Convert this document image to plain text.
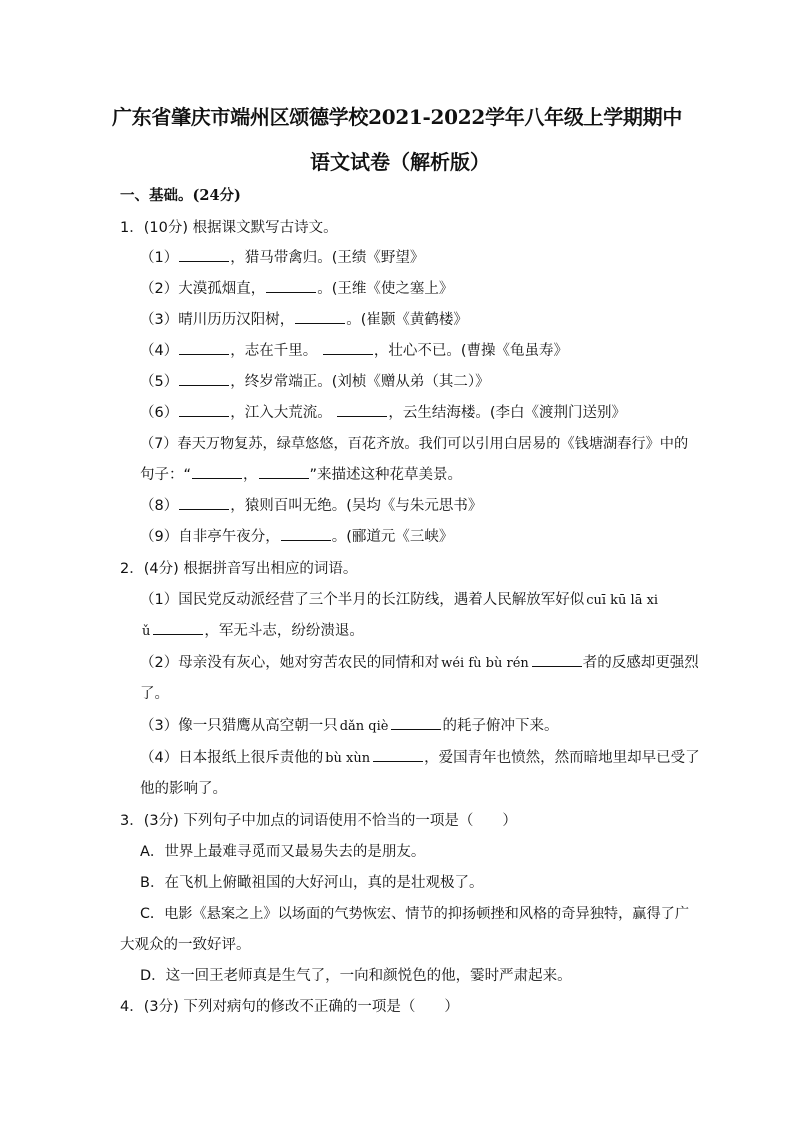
广东省肇庆市端州区颂德学校2021-2022学年八年级上学期期中
语文试卷（解析版）
一、基础。(24分)
1．(10分) 根据课文默写古诗文。
（1）	，猎马带禽归。(王绩《野望》
（2）大漠孤烟直，	。(王维《使之塞上》
（3）晴川历历汉阳树，	。(崔颢《黄鹤楼》
（4）	，志在千里。	，壮心不已。(曹操《龟虽寿》
（5）	，终岁常端正。(刘桢《赠从弟（其二）》
（6）	，江入大荒流。	，云生结海楼。(李白《渡荆门送别》
（7）春天万物复苏，绿草悠悠，百花齐放。我们可以引用白居易的《钱塘湖春行》中的
句子：“	，	”来描述这种花草美景。
（8）	，猿则百叫无绝。(吴均《与朱元思书》
（9）自非亭午夜分，	。(郦道元《三峡》
2．(4分) 根据拼音写出相应的词语。
（1）国民党反动派经营了三个半月的长江防线，遇着人民解放军好似 cuī kū lā xi
ǔ	，军无斗志，纷纷溃退。
（2）母亲没有灰心，她对穷苦农民的同情和对 wéi fù bù rén	者的反感却更强烈
了。
（3）像一只猎鹰从高空朝一只 dǎn qiè	的耗子俯冲下来。
（4）日本报纸上很斥责他的 bù xùn	，爱国青年也愤然，然而暗地里却早已受了
他的影响了。
3．(3分) 下列句子中加点的词语使用不恰当的一项是（　　）
A．世界上最难寻觅而又最易失去的是朋友。
B．在飞机上俯瞰祖国的大好河山，真的是壮观极了。
C．电影《悬案之上》以场面的气势恢宏、情节的抑扬顿挫和风格的奇异独特，赢得了广
大观众的一致好评。
D．这一回王老师真是生气了，一向和颜悦色的他，霎时严肃起来。
4．(3分) 下列对病句的修改不正确的一项是（　　）
